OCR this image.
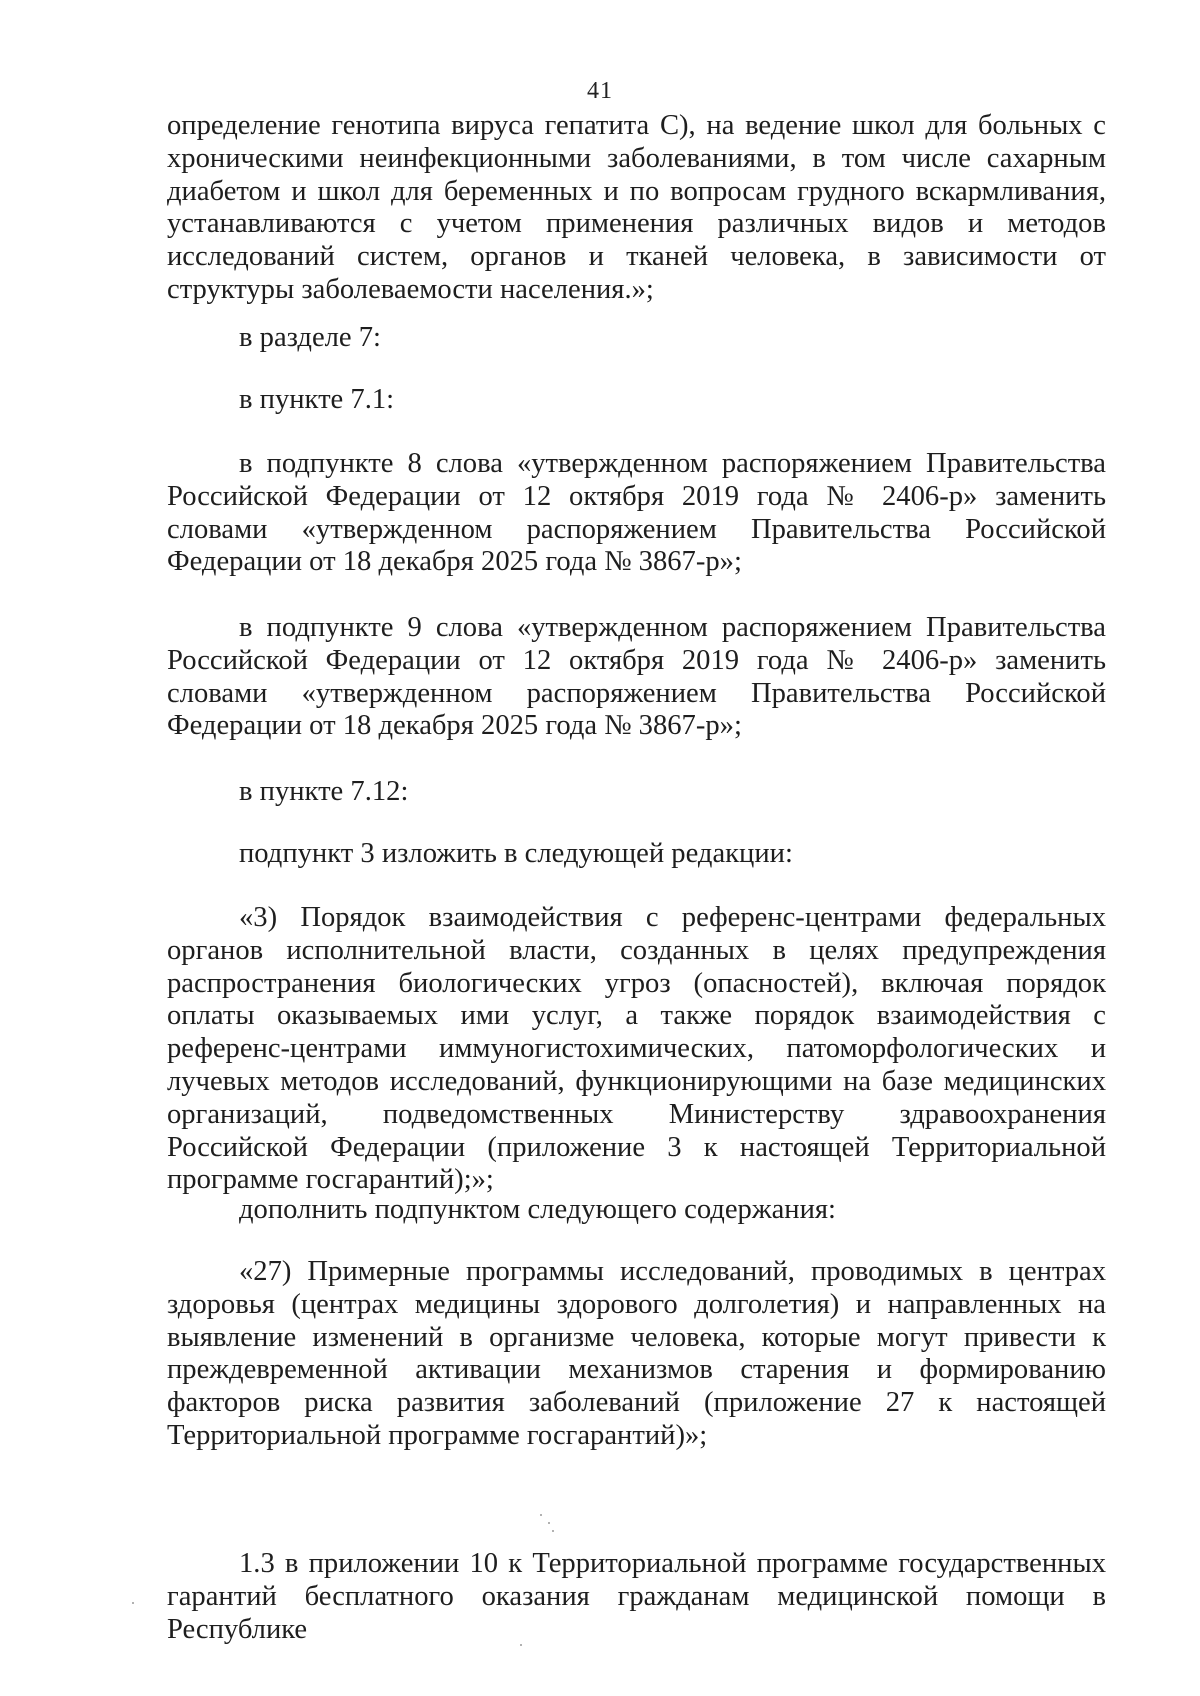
41

определение генотипа вируса гепатита С), на ведение школ для больных с хроническими неинфекционными заболеваниями, в том числе сахарным диабетом и школ для беременных и по вопросам грудного вскармливания, устанавливаются с учетом применения различных видов и методов исследований систем, органов и тканей человека, в зависимости от структуры заболеваемости населения.»;

в разделе 7:

в пункте 7.1:

в подпункте 8 слова «утвержденном распоряжением Правительства Российской Федерации от 12 октября 2019 года № 2406-р» заменить словами «утвержденном распоряжением Правительства Российской Федерации от 18 декабря 2025 года № 3867-р»;

в подпункте 9 слова «утвержденном распоряжением Правительства Российской Федерации от 12 октября 2019 года № 2406-р» заменить словами «утвержденном распоряжением Правительства Российской Федерации от 18 декабря 2025 года № 3867-р»;

в пункте 7.12:

подпункт 3 изложить в следующей редакции:

«3) Порядок взаимодействия с референс-центрами федеральных органов исполнительной власти, созданных в целях предупреждения распространения биологических угроз (опасностей), включая порядок оплаты оказываемых ими услуг, а также порядок взаимодействия с референс-центрами иммуногистохимических, патоморфологических и лучевых методов исследований, функционирующими на базе медицинских организаций, подведомственных Министерству здравоохранения Российской Федерации (приложение 3 к настоящей Территориальной программе госгарантий);»;

дополнить подпунктом следующего содержания:

«27) Примерные программы исследований, проводимых в центрах здоровья (центрах медицины здорового долголетия) и направленных на выявление изменений в организме человека, которые могут привести к преждевременной активации механизмов старения и формированию факторов риска развития заболеваний (приложение 27 к настоящей Территориальной программе госгарантий)»;

1.3 в приложении 10 к Территориальной программе государственных гарантий бесплатного оказания гражданам медицинской помощи в Республике
